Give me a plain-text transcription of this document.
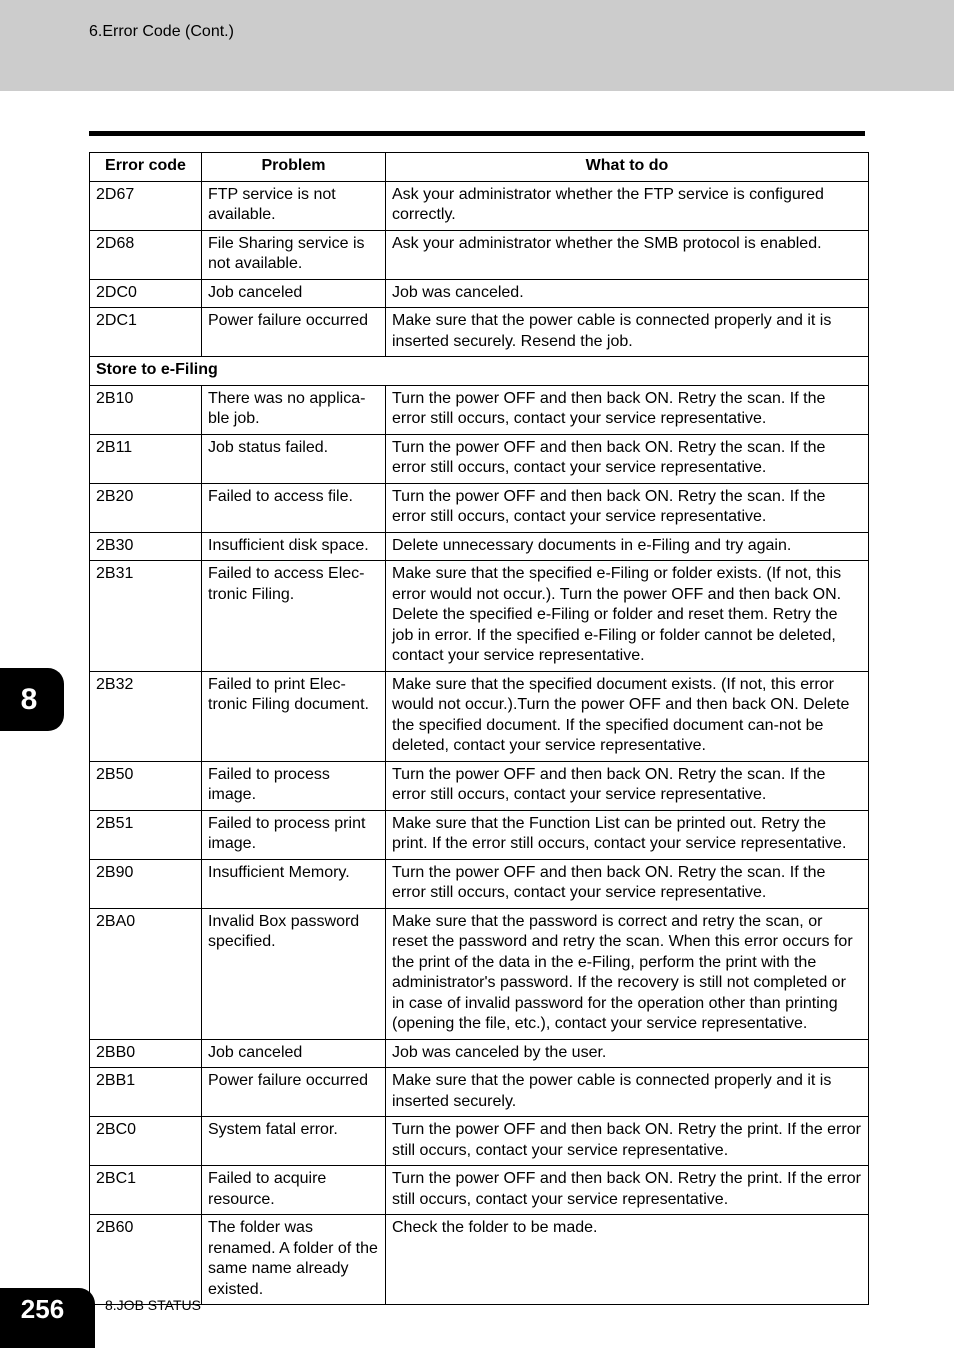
6.Error Code (Cont.)
Error code	Problem	What to do
2D67	FTP service is not available.	Ask your administrator whether the FTP service is configured correctly.
2D68	File Sharing service is not available.	Ask your administrator whether the SMB protocol is enabled.
2DC0	Job canceled	Job was canceled.
2DC1	Power failure occurred	Make sure that the power cable is connected properly and it is inserted securely. Resend the job.
Store to e-Filing		
2B10	There was no applica-ble job.	Turn the power OFF and then back ON. Retry the scan. If the error still occurs, contact your service representative.
2B11	Job status failed.	Turn the power OFF and then back ON. Retry the scan. If the error still occurs, contact your service representative.
2B20	Failed to access file.	Turn the power OFF and then back ON. Retry the scan. If the error still occurs, contact your service representative.
2B30	Insufficient disk space.	Delete unnecessary documents in e-Filing and try again.
2B31	Failed to access Elec-tronic Filing.	Make sure that the specified e-Filing or folder exists. (If not, this error would not occur.). Turn the power OFF and then back ON. Delete the specified e-Filing or folder and reset them. Retry the job in error. If the specified e-Filing or folder cannot be deleted, contact your service representative.
2B32	Failed to print Elec-tronic Filing document.	Make sure that the specified document exists. (If not, this error would not occur.).Turn the power OFF and then back ON. Delete the specified document. If the specified document can-not be deleted, contact your service representative.
2B50	Failed to process image.	Turn the power OFF and then back ON. Retry the scan. If the error still occurs, contact your service representative.
2B51	Failed to process print image.	Make sure that the Function List can be printed out. Retry the print. If the error still occurs, contact your service representative.
2B90	Insufficient Memory.	Turn the power OFF and then back ON. Retry the scan. If the error still occurs, contact your service representative.
2BA0	Invalid Box password specified.	Make sure that the password is correct and retry the scan, or reset the password and retry the scan. When this error occurs for the print of the data in the e-Filing, perform the print with the administrator's password. If the recovery is still not completed or in case of invalid password for the operation other than printing (opening the file, etc.), contact your service representative.
2BB0	Job canceled	Job was canceled by the user.
2BB1	Power failure occurred	Make sure that the power cable is connected properly and it is inserted securely.
2BC0	System fatal error.	Turn the power OFF and then back ON. Retry the print. If the error still occurs, contact your service representative.
2BC1	Failed to acquire resource.	Turn the power OFF and then back ON. Retry the print. If the error still occurs, contact your service representative.
2B60	The folder was renamed. A folder of the same name already existed.	Check the folder to be made.
8
256	8.JOB STATUS
